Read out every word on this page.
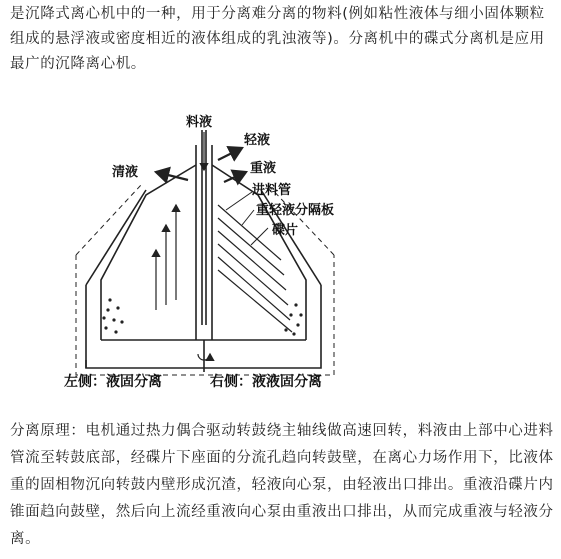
是沉降式离心机中的一种，用于分离难分离的物料(例如粘性液体与细小固体颗粒组成的悬浮液或密度相近的液体组成的乳浊液等)。分离机中的碟式分离机是应用最广的沉降离心机。

料液
轻液
清液	重液
进料管
重轻液分隔板
碟片
左侧：液固分离	右侧：液液固分离

分离原理：电机通过热力偶合驱动转鼓绕主轴线做高速回转，料液由上部中心进料管流至转鼓底部，经碟片下座面的分流孔趋向转鼓壁，在离心力场作用下，比液体重的固相物沉向转鼓内壁形成沉渣，轻液向心泵，由轻液出口排出。重液沿碟片内锥面趋向鼓壁，然后向上流经重液向心泵由重液出口排出，从而完成重液与轻液分离。
